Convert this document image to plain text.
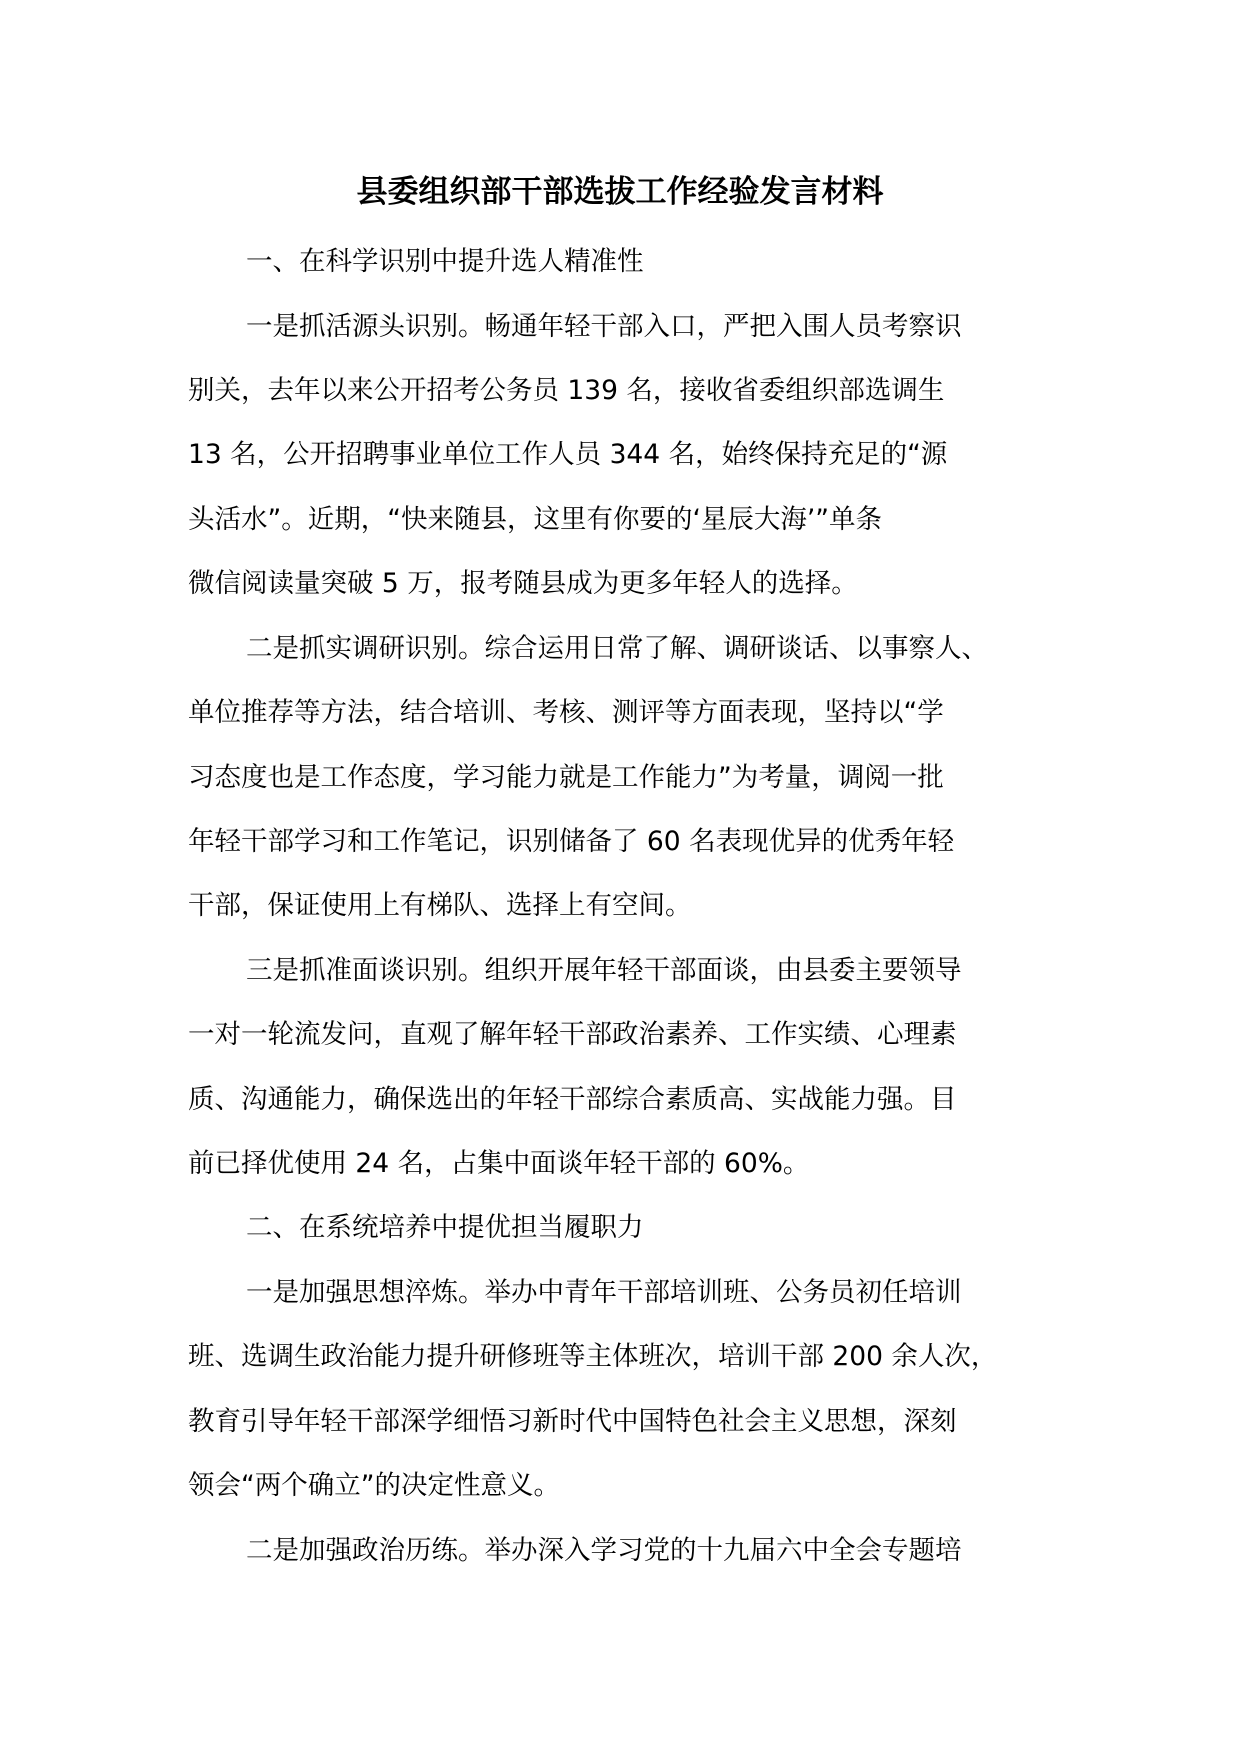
县委组织部干部选拔工作经验发言材料
一、在科学识别中提升选人精准性
一是抓活源头识别。畅通年轻干部入口，严把入围人员考察识
别关，去年以来公开招考公务员 139 名，接收省委组织部选调生
13 名，公开招聘事业单位工作人员 344 名，始终保持充足的“源
头活水”。近期，“快来随县，这里有你要的‘星辰大海’”单条
微信阅读量突破 5 万，报考随县成为更多年轻人的选择。
二是抓实调研识别。综合运用日常了解、调研谈话、以事察人、
单位推荐等方法，结合培训、考核、测评等方面表现，坚持以“学
习态度也是工作态度，学习能力就是工作能力”为考量，调阅一批
年轻干部学习和工作笔记，识别储备了 60 名表现优异的优秀年轻
干部，保证使用上有梯队、选择上有空间。
三是抓准面谈识别。组织开展年轻干部面谈，由县委主要领导
一对一轮流发问，直观了解年轻干部政治素养、工作实绩、心理素
质、沟通能力，确保选出的年轻干部综合素质高、实战能力强。目
前已择优使用 24 名，占集中面谈年轻干部的 60%。
二、在系统培养中提优担当履职力
一是加强思想淬炼。举办中青年干部培训班、公务员初任培训
班、选调生政治能力提升研修班等主体班次，培训干部 200 余人次，
教育引导年轻干部深学细悟习新时代中国特色社会主义思想，深刻
领会“两个确立”的决定性意义。
二是加强政治历练。举办深入学习党的十九届六中全会专题培
